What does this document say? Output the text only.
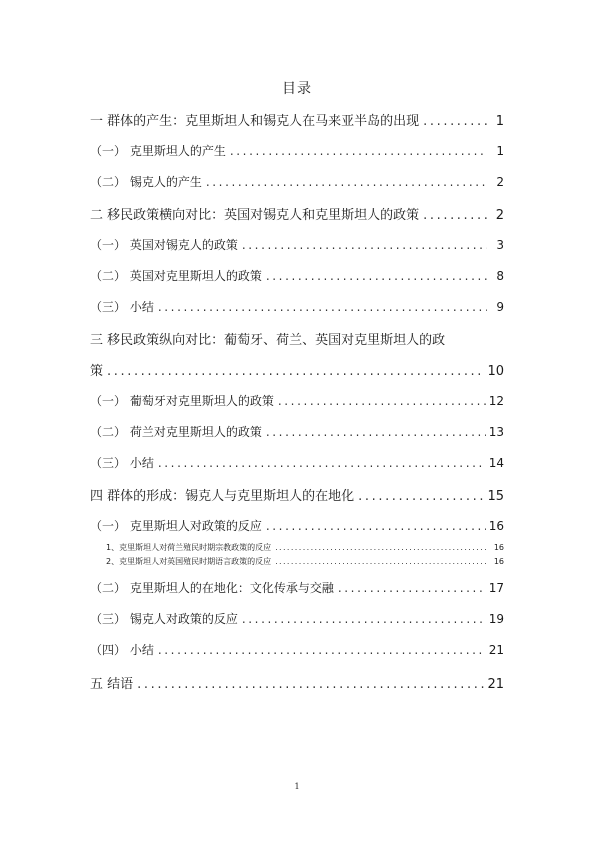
目录
一 群体的产生：克里斯坦人和锡克人在马来亚半岛的出现 .....	1
（一） 克里斯坦人的产生 .....	1
（二） 锡克人的产生 .....	2
二 移民政策横向对比：英国对锡克人和克里斯坦人的政策 .....	2
（一） 英国对锡克人的政策 .....	3
（二） 英国对克里斯坦人的政策 .....	8
（三） 小结 .....	9
三 移民政策纵向对比：葡萄牙、荷兰、英国对克里斯坦人的政
策 .....	10
（一） 葡萄牙对克里斯坦人的政策 .....	12
（二） 荷兰对克里斯坦人的政策 .....	13
（三） 小结 .....	14
四 群体的形成：锡克人与克里斯坦人的在地化 .....	15
（一） 克里斯坦人对政策的反应 .....	16
1、克里斯坦人对荷兰殖民时期宗教政策的反应 .....	16
2、克里斯坦人对英国殖民时期语言政策的反应 .....	16
（二） 克里斯坦人的在地化：文化传承与交融 .....	17
（三） 锡克人对政策的反应 .....	19
（四） 小结 .....	21
五 结语 .....	21
1
